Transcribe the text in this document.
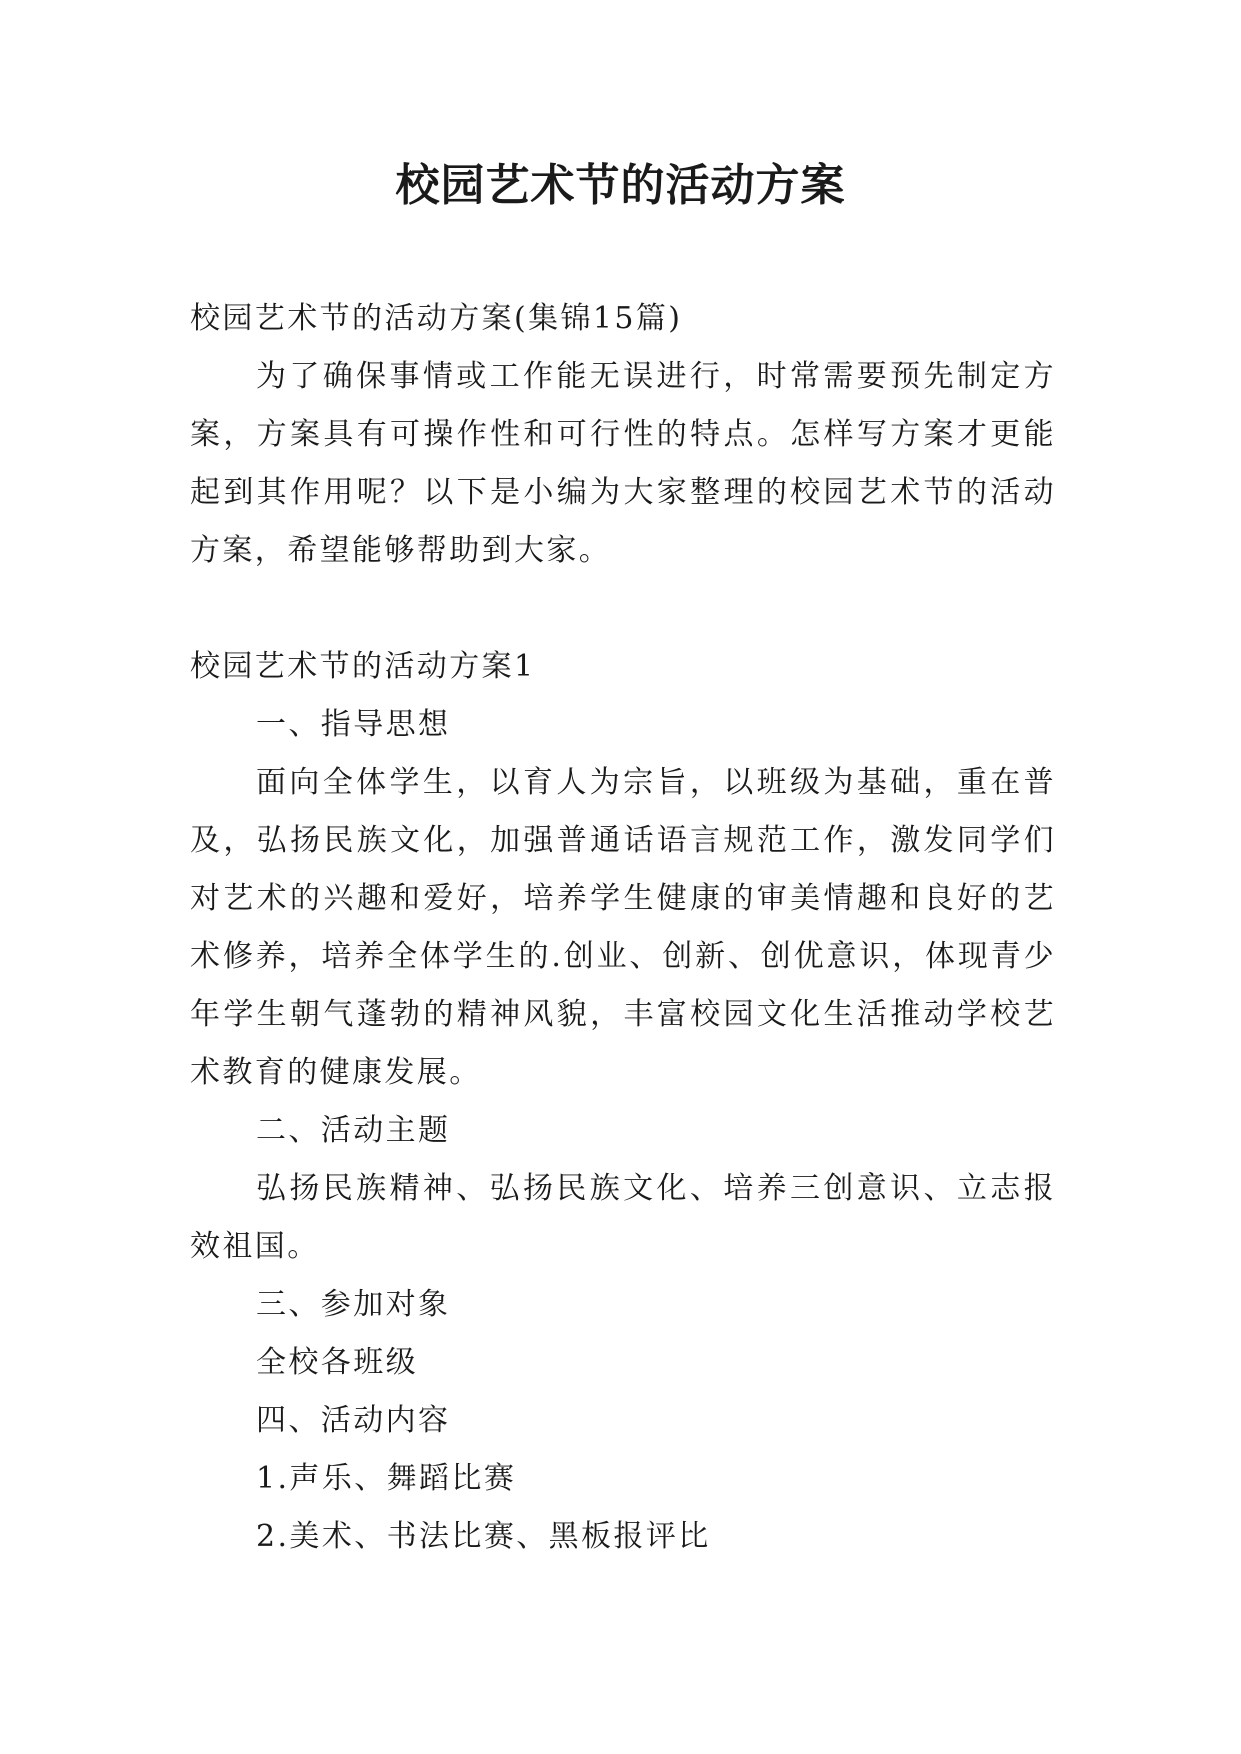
校园艺术节的活动方案

校园艺术节的活动方案(集锦15篇)

为了确保事情或工作能无误进行，时常需要预先制定方案，方案具有可操作性和可行性的特点。怎样写方案才更能起到其作用呢？以下是小编为大家整理的校园艺术节的活动方案，希望能够帮助到大家。

校园艺术节的活动方案1

一、指导思想

面向全体学生，以育人为宗旨，以班级为基础，重在普及，弘扬民族文化，加强普通话语言规范工作，激发同学们对艺术的兴趣和爱好，培养学生健康的审美情趣和良好的艺术修养，培养全体学生的.创业、创新、创优意识，体现青少年学生朝气蓬勃的精神风貌，丰富校园文化生活推动学校艺术教育的健康发展。

二、活动主题

弘扬民族精神、弘扬民族文化、培养三创意识、立志报效祖国。

三、参加对象

全校各班级

四、活动内容

1.声乐、舞蹈比赛

2.美术、书法比赛、黑板报评比
